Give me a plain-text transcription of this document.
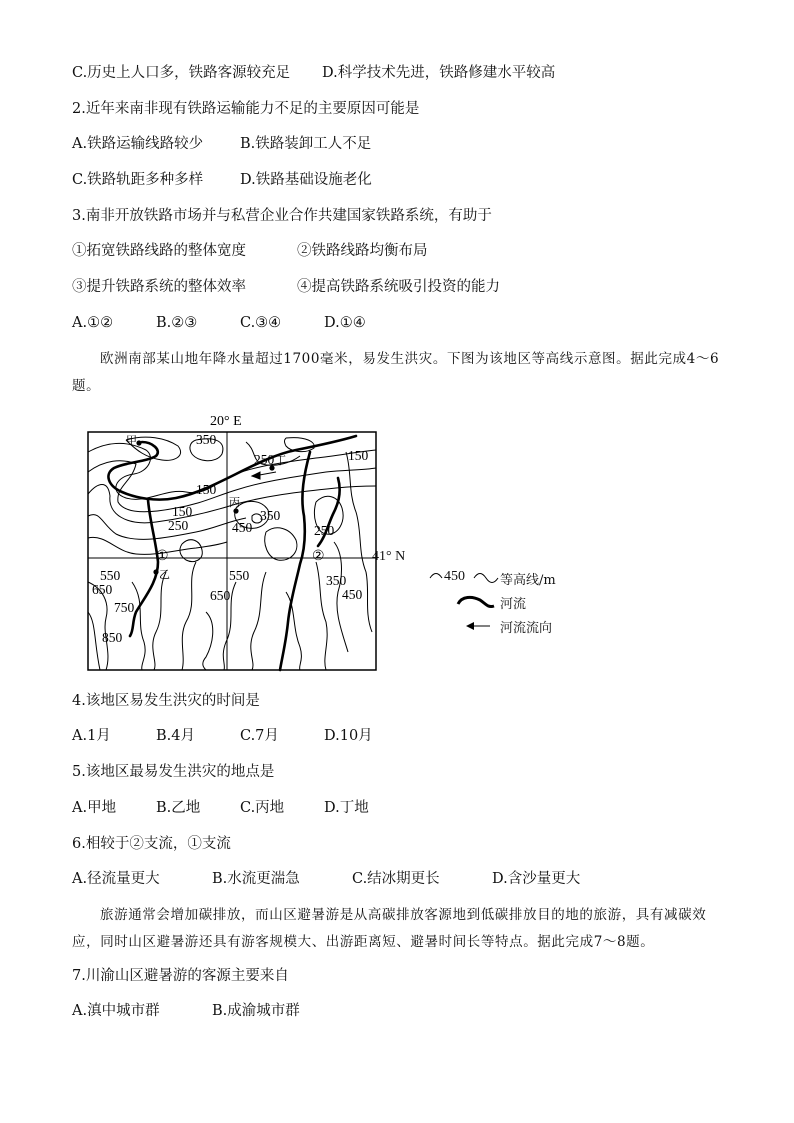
C.历史上人口多，铁路客源较充足 D.科学技术先进，铁路修建水平较高
2.近年来南非现有铁路运输能力不足的主要原因可能是
A.铁路运输线路较少	B.铁路装卸工人不足
C.铁路轨距多种多样	D.铁路基础设施老化
3.南非开放铁路市场并与私营企业合作共建国家铁路系统，有助于
①拓宽铁路线路的整体宽度	②铁路线路均衡布局
③提升铁路系统的整体效率	④提高铁路系统吸引投资的能力
A.①②	B.②③	C.③④	D.①④
欧洲南部某山地年降水量超过1700毫米，易发生洪灾。下图为该地区等高线示意图。据此完成4～6题。
20° E
甲
丁
丙
乙
①	②
350
250	150
150
150
250	450
350
250
550	550
650	650
750
850
350
450
41° N
450	等高线/m
河流
河流流向
4.该地区易发生洪灾的时间是
A.1月	B.4月	C.7月	D.10月
5.该地区最易发生洪灾的地点是
A.甲地	B.乙地	C.丙地	D.丁地
6.相较于②支流，①支流
A.径流量更大	B.水流更湍急	C.结冰期更长	D.含沙量更大
旅游通常会增加碳排放，而山区避暑游是从高碳排放客源地到低碳排放目的地的旅游，具有减碳效应，同时山区避暑游还具有游客规模大、出游距离短、避暑时间长等特点。据此完成7～8题。
7.川渝山区避暑游的客源主要来自
A.滇中城市群	B.成渝城市群
